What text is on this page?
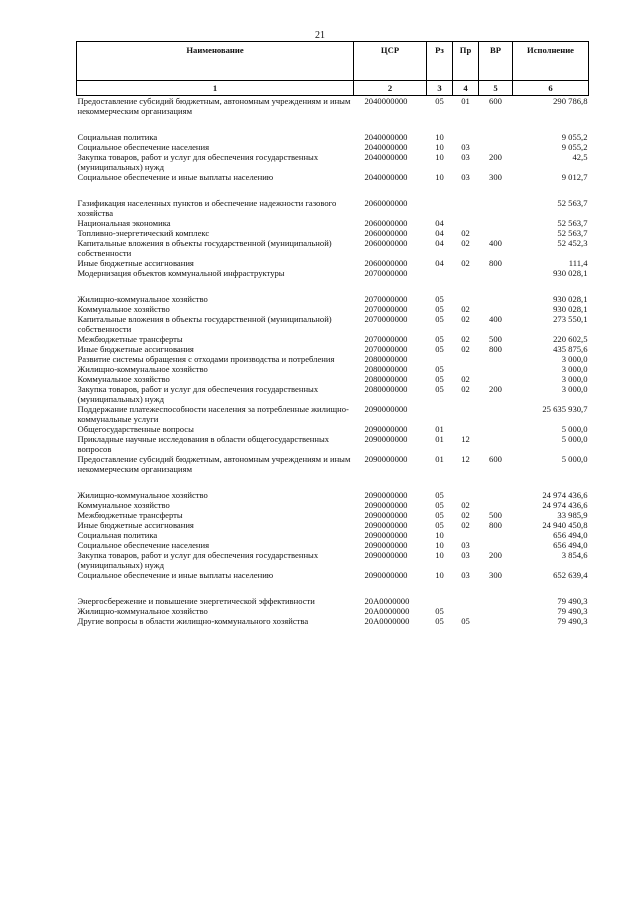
21
Наименование	ЦСР	Рз	Пр	ВР	Исполнение
1	2	3	4	5	6
Предоставление субсидий бюджетным, автономным учреждениям и иным некоммерческим организациям	2040000000	05	01	600	290 786,8

Социальная политика	2040000000	10			9 055,2
Социальное обеспечение населения	2040000000	10	03		9 055,2
Закупка товаров, работ и услуг для обеспечения государственных (муниципальных) нужд	2040000000	10	03	200	42,5
Социальное обеспечение и иные выплаты населению	2040000000	10	03	300	9 012,7

Газификация населенных пунктов и обеспечение надежности газового хозяйства	2060000000				52 563,7
Национальная экономика	2060000000	04			52 563,7
Топливно-энергетический комплекс	2060000000	04	02		52 563,7
Капитальные вложения в объекты государственной (муниципальной) собственности	2060000000	04	02	400	52 452,3
Иные бюджетные ассигнования	2060000000	04	02	800	111,4
Модернизация объектов коммунальной инфраструктуры	2070000000				930 028,1

Жилищно-коммунальное хозяйство	2070000000	05			930 028,1
Коммунальное хозяйство	2070000000	05	02		930 028,1
Капитальные вложения в объекты государственной (муниципальной) собственности	2070000000	05	02	400	273 550,1
Межбюджетные трансферты	2070000000	05	02	500	220 602,5
Иные бюджетные ассигнования	2070000000	05	02	800	435 875,6
Развитие системы обращения с отходами производства и потребления	2080000000				3 000,0
Жилищно-коммунальное хозяйство	2080000000	05			3 000,0
Коммунальное хозяйство	2080000000	05	02		3 000,0
Закупка товаров, работ и услуг для обеспечения государственных (муниципальных) нужд	2080000000	05	02	200	3 000,0
Поддержание платежеспособности населения за потребленные жилищно-коммунальные услуги	2090000000				25 635 930,7
Общегосударственные вопросы	2090000000	01			5 000,0
Прикладные научные исследования в области общегосударственных вопросов	2090000000	01	12		5 000,0
Предоставление субсидий бюджетным, автономным учреждениям и иным некоммерческим организациям	2090000000	01	12	600	5 000,0

Жилищно-коммунальное хозяйство	2090000000	05			24 974 436,6
Коммунальное хозяйство	2090000000	05	02		24 974 436,6
Межбюджетные трансферты	2090000000	05	02	500	33 985,9
Иные бюджетные ассигнования	2090000000	05	02	800	24 940 450,8
Социальная политика	2090000000	10			656 494,0
Социальное обеспечение населения	2090000000	10	03		656 494,0
Закупка товаров, работ и услуг для обеспечения государственных (муниципальных) нужд	2090000000	10	03	200	3 854,6
Социальное обеспечение и иные выплаты населению	2090000000	10	03	300	652 639,4

Энергосбережение и повышение энергетической эффективности	20А0000000				79 490,3
Жилищно-коммунальное хозяйство	20А0000000	05			79 490,3
Другие вопросы в области жилищно-коммунального хозяйства	20А0000000	05	05		79 490,3
